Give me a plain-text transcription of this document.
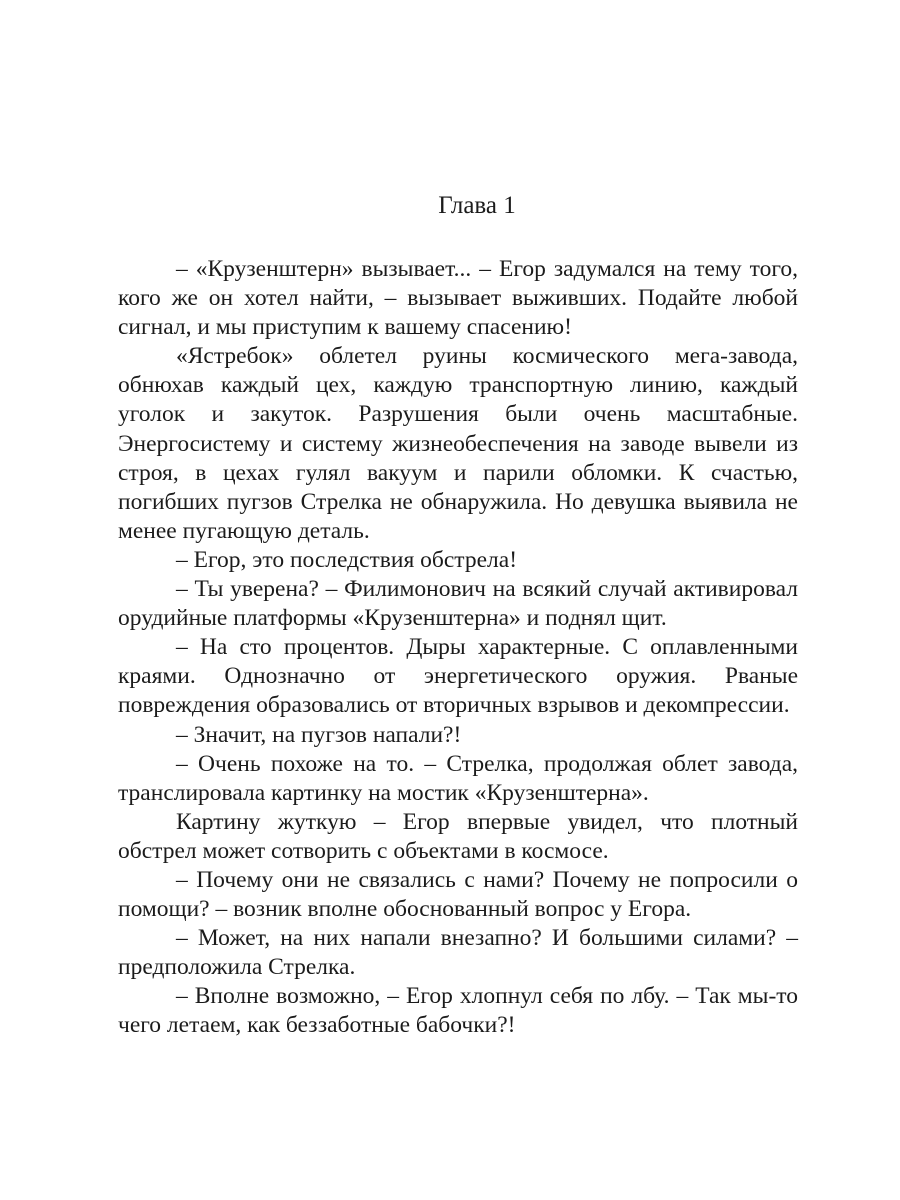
Глава 1

– «Крузенштерн» вызывает... – Егор задумался на тему того, кого же он хотел найти, – вызывает выживших. Подайте любой сигнал, и мы приступим к вашему спасению!

«Ястребок» облетел руины космического мега-завода, обнюхав каждый цех, каждую транспортную линию, каждый уголок и закуток. Разрушения были очень масштабные. Энергосистему и систему жизнеобеспечения на заводе вывели из строя, в цехах гулял вакуум и парили обломки. К счастью, погибших пугзов Стрелка не обнаружила. Но девушка выявила не менее пугающую деталь.

– Егор, это последствия обстрела!

– Ты уверена? – Филимонович на всякий случай активировал орудийные платформы «Крузенштерна» и поднял щит.

– На сто процентов. Дыры характерные. С оплавленными краями. Однозначно от энергетического оружия. Рваные повреждения образовались от вторичных взрывов и декомпрессии.

– Значит, на пугзов напали?!

– Очень похоже на то. – Стрелка, продолжая облет завода, транслировала картинку на мостик «Крузенштерна».

Картину жуткую – Егор впервые увидел, что плотный обстрел может сотворить с объектами в космосе.

– Почему они не связались с нами? Почему не попросили о помощи? – возник вполне обоснованный вопрос у Егора.

– Может, на них напали внезапно? И большими силами? – предположила Стрелка.

– Вполне возможно, – Егор хлопнул себя по лбу. – Так мы-то чего летаем, как беззаботные бабочки?!
